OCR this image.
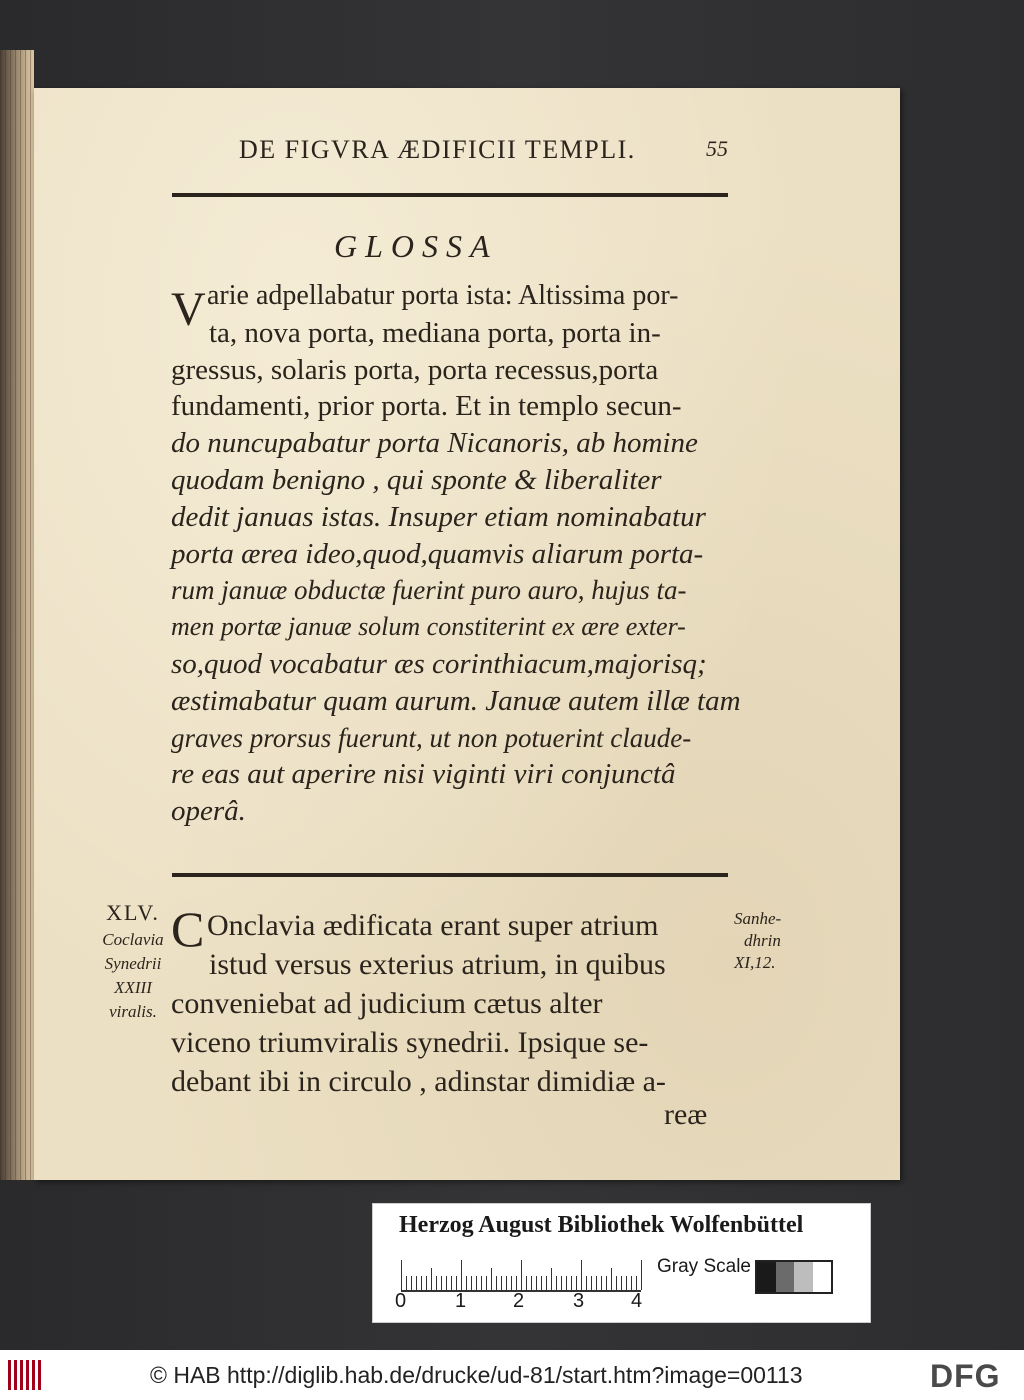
DE FIGVRA ÆDIFICII TEMPLI.	55
GLOSSA
V arie adpellabatur porta ista: Altissima por-
ta, nova porta, mediana porta, porta in-
gressus, solaris porta, porta recessus,porta
fundamenti, prior porta. Et in templo secun-
do nuncupabatur porta Nicanoris, ab homine
quodam benigno , qui sponte & liberaliter
dedit januas istas. Insuper etiam nominabatur
porta ærea ideo,quod,quamvis aliarum porta-
rum januæ obductæ fuerint puro auro, hujus ta-
men portæ januæ solum constiterint ex ære exter-
so,quod vocabatur æs corinthiacum,majorisq;
æstimabatur quam aurum. Januæ autem illæ tam
graves prorsus fuerunt, ut non potuerint claude-
re eas aut aperire nisi viginti viri conjunctâ
operâ.
XLV.
Coclavia
Synedrii
XXIII
viralis.
Sanhe-
dhrin
XI,12.
C Onclavia ædificata erant super atrium
istud versus exterius atrium, in quibus
conveniebat ad judicium cætus alter
viceno triumviralis synedrii. Ipsique se-
debant ibi in circulo , adinstar dimidiæ a-
reæ
Herzog August Bibliothek Wolfenbüttel
0 1 2 3 4
Gray Scale
© HAB http://diglib.hab.de/drucke/ud-81/start.htm?image=00113	DFG
